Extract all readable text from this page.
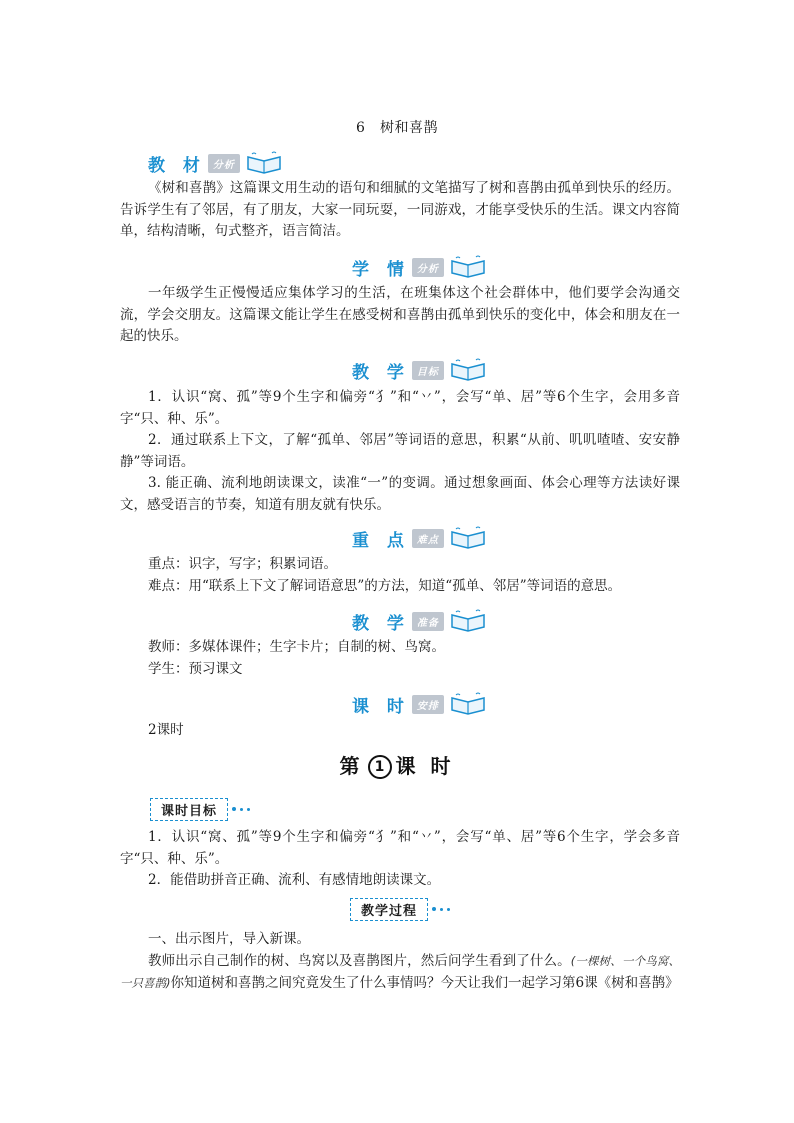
6　树和喜鹊
教 材 分析

《树和喜鹊》这篇课文用生动的语句和细腻的文笔描写了树和喜鹊由孤单到快乐的经历。告诉学生有了邻居，有了朋友，大家一同玩耍，一同游戏，才能享受快乐的生活。课文内容简单，结构清晰，句式整齐，语言简洁。

学 情 分析

一年级学生正慢慢适应集体学习的生活，在班集体这个社会群体中，他们要学会沟通交流，学会交朋友。这篇课文能让学生在感受树和喜鹊由孤单到快乐的变化中，体会和朋友在一起的快乐。

教 学 目标

1．认识“窝、孤”等9个生字和偏旁“犭”和“丷”，会写“单、居”等6个生字，会用多音字“只、种、乐”。

2．通过联系上下文，了解“孤单、邻居”等词语的意思，积累“从前、叽叽喳喳、安安静静”等词语。

3. 能正确、流利地朗读课文，读准“一”的变调。通过想象画面、体会心理等方法读好课文，感受语言的节奏，知道有朋友就有快乐。

重 点 难点

重点：识字，写字；积累词语。

难点：用“联系上下文了解词语意思”的方法，知道“孤单、邻居”等词语的意思。

教 学 准备

教师：多媒体课件；生字卡片；自制的树、鸟窝。

学生：预习课文

课 时 安排

2课时

第 1 课 时
课时目标

1．认识“窝、孤”等9个生字和偏旁“犭”和“丷”，会写“单、居”等6个生字，学会多音字“只、种、乐”。

2．能借助拼音正确、流利、有感情地朗读课文。

教学过程

一、出示图片，导入新课。

教师出示自己制作的树、鸟窝以及喜鹊图片，然后问学生看到了什么。(一棵树、一个鸟窝、一只喜鹊)你知道树和喜鹊之间究竟发生了什么事情吗？今天让我们一起学习第6课《树和喜鹊》
